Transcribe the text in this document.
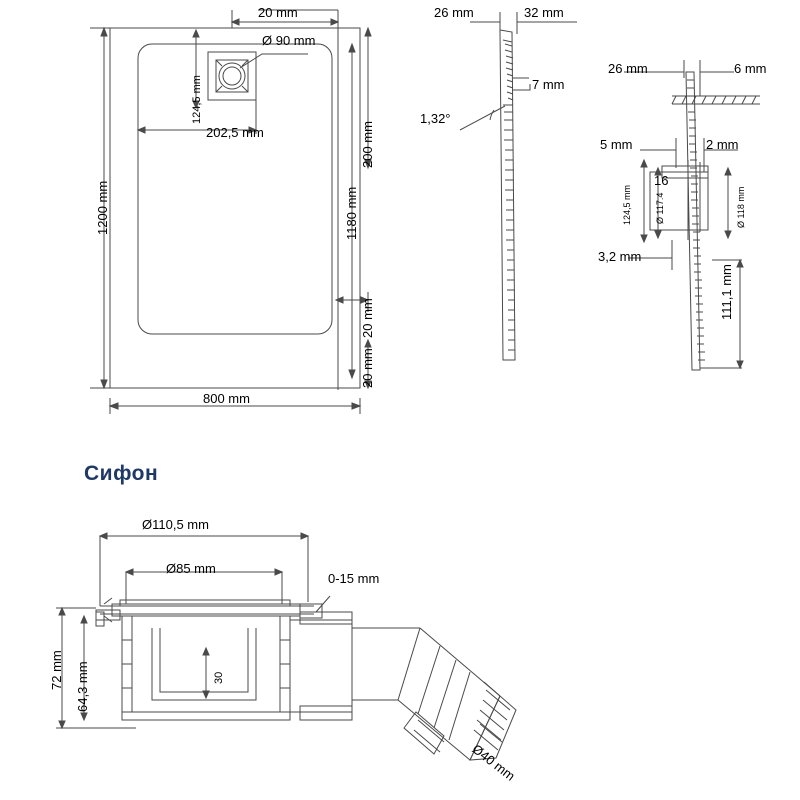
20 mm
Ø 90 mm
124,5 mm
202,5 mm
1200 mm	1180 mm
200 mm
20 mm
20 mm
800 mm
26 mm	32 mm
7 mm
1,32°
26 mm	6 mm
5 mm	2 mm
16
124,5 mm	Ø 117.4	Ø 118 mm
3,2 mm
111,1 mm
Сифон
Ø110,5 mm
Ø85 mm
0-15 mm
72 mm 64,3 mm	30
Ø40 mm
